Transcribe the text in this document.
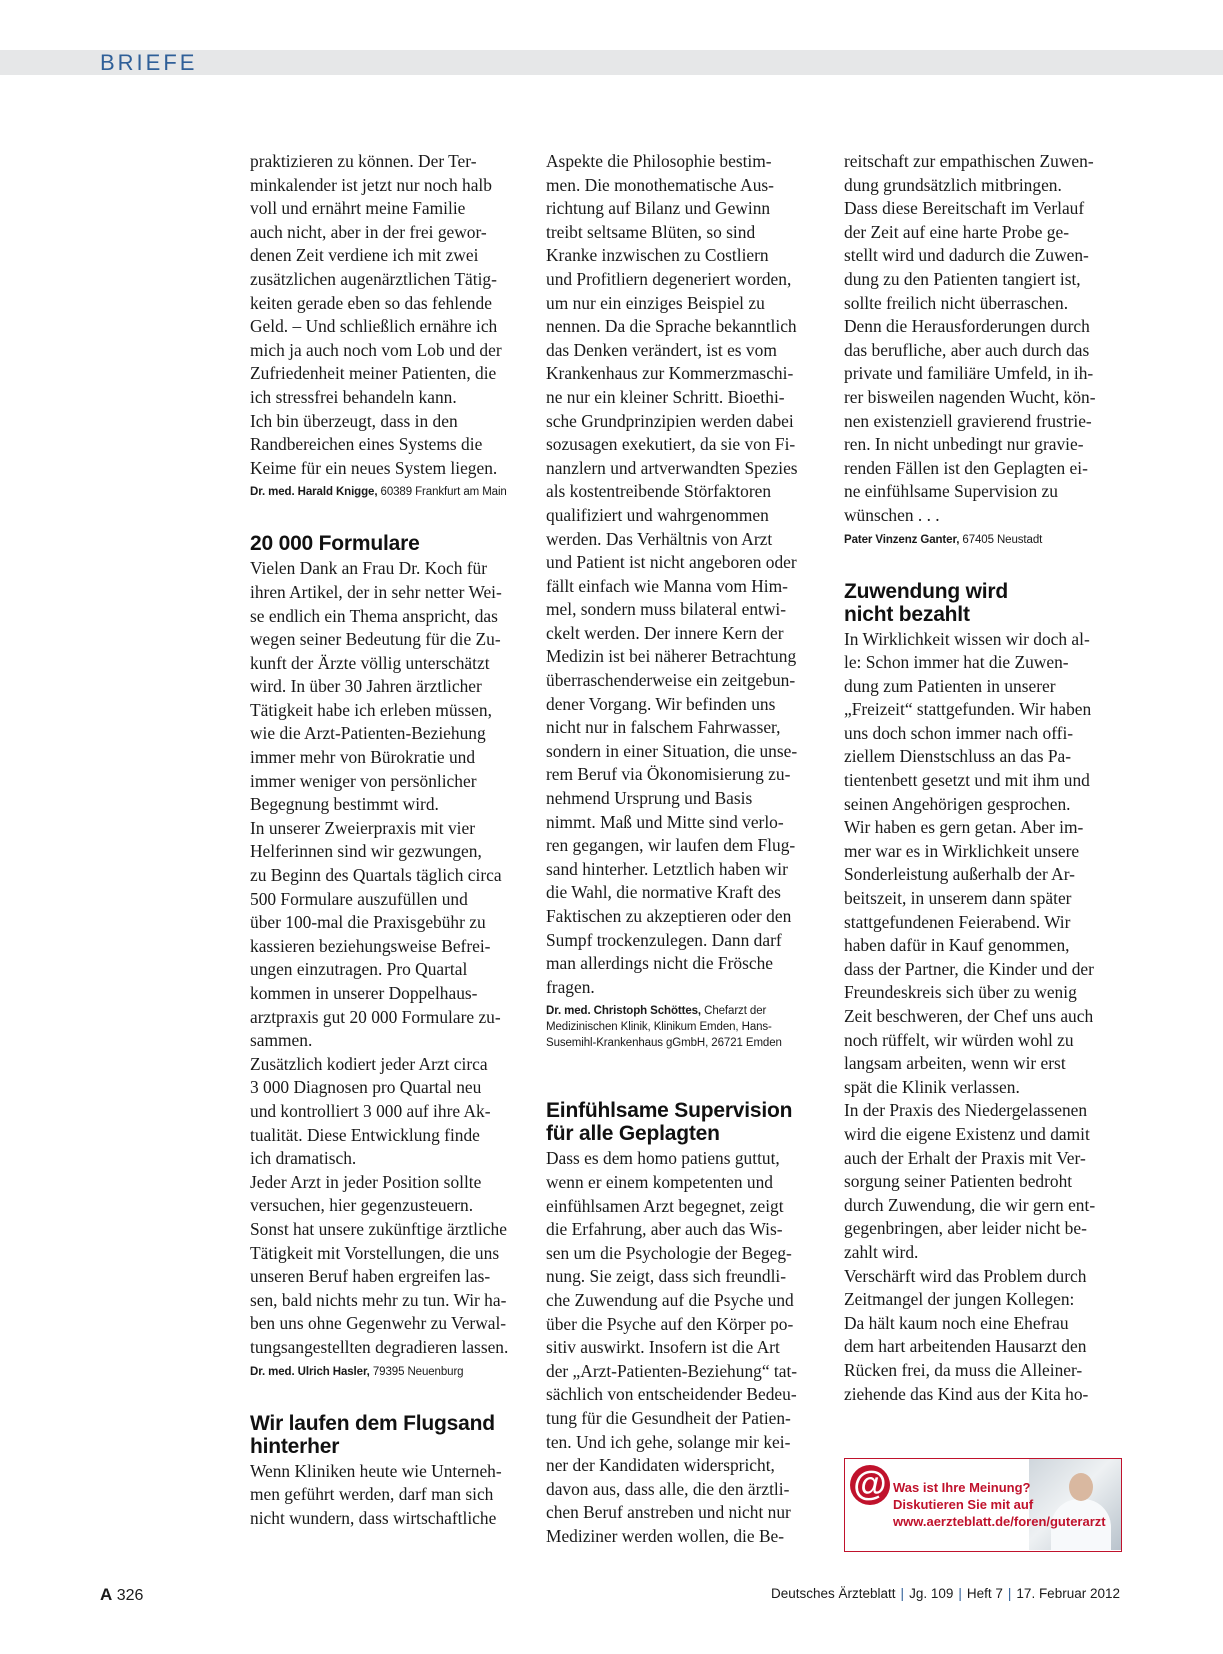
BRIEFE

praktizieren zu können. Der Ter-

minkalender ist jetzt nur noch halb

voll und ernährt meine Familie

auch nicht, aber in der frei gewor-

denen Zeit verdiene ich mit zwei

zusätzlichen augenärztlichen Tätig-

keiten gerade eben so das fehlende

Geld. – Und schließlich ernähre ich

mich ja auch noch vom Lob und der

Zufriedenheit meiner Patienten, die

ich stressfrei behandeln kann.

Ich bin überzeugt, dass in den

Randbereichen eines Systems die

Keime für ein neues System liegen.

Dr. med. Harald Knigge, 60389 Frankfurt am Main
20 000 Formulare

Vielen Dank an Frau Dr. Koch für

ihren Artikel, der in sehr netter Wei-

se endlich ein Thema anspricht, das

wegen seiner Bedeutung für die Zu-

kunft der Ärzte völlig unterschätzt

wird. In über 30 Jahren ärztlicher

Tätigkeit habe ich erleben müssen,

wie die Arzt-Patienten-Beziehung

immer mehr von Bürokratie und

immer weniger von persönlicher

Begegnung bestimmt wird.

In unserer Zweierpraxis mit vier

Helferinnen sind wir gezwungen,

zu Beginn des Quartals täglich circa

500 Formulare auszufüllen und

über 100-mal die Praxisgebühr zu

kassieren beziehungsweise Befrei-

ungen einzutragen. Pro Quartal

kommen in unserer Doppelhaus-

arztpraxis gut 20 000 Formulare zu-

sammen.

Zusätzlich kodiert jeder Arzt circa

3 000 Diagnosen pro Quartal neu

und kontrolliert 3 000 auf ihre Ak-

tualität. Diese Entwicklung finde

ich dramatisch.

Jeder Arzt in jeder Position sollte

versuchen, hier gegenzusteuern.

Sonst hat unsere zukünftige ärztliche

Tätigkeit mit Vorstellungen, die uns

unseren Beruf haben ergreifen las-

sen, bald nichts mehr zu tun. Wir ha-

ben uns ohne Gegenwehr zu Verwal-

tungsangestellten degradieren lassen.

Dr. med. Ulrich Hasler, 79395 Neuenburg
Wir laufen dem Flugsand
hinterher

Wenn Kliniken heute wie Unterneh-

men geführt werden, darf man sich

nicht wundern, dass wirtschaftliche

Aspekte die Philosophie bestim-

men. Die monothematische Aus-

richtung auf Bilanz und Gewinn

treibt seltsame Blüten, so sind

Kranke inzwischen zu Costliern

und Profitliern degeneriert worden,

um nur ein einziges Beispiel zu

nennen. Da die Sprache bekanntlich

das Denken verändert, ist es vom

Krankenhaus zur Kommerzmaschi-

ne nur ein kleiner Schritt. Bioethi-

sche Grundprinzipien werden dabei

sozusagen exekutiert, da sie von Fi-

nanzlern und artverwandten Spezies

als kostentreibende Störfaktoren

qualifiziert und wahrgenommen

werden. Das Verhältnis von Arzt

und Patient ist nicht angeboren oder

fällt einfach wie Manna vom Him-

mel, sondern muss bilateral entwi-

ckelt werden. Der innere Kern der

Medizin ist bei näherer Betrachtung

überraschenderweise ein zeitgebun-

dener Vorgang. Wir befinden uns

nicht nur in falschem Fahrwasser,

sondern in einer Situation, die unse-

rem Beruf via Ökonomisierung zu-

nehmend Ursprung und Basis

nimmt. Maß und Mitte sind verlo-

ren gegangen, wir laufen dem Flug-

sand hinterher. Letztlich haben wir

die Wahl, die normative Kraft des

Faktischen zu akzeptieren oder den

Sumpf trockenzulegen. Dann darf

man allerdings nicht die Frösche

fragen.

Dr. med. Christoph Schöttes, Chefarzt der
Medizinischen Klinik, Klinikum Emden, Hans-
Susemihl-Krankenhaus gGmbH, 26721 Emden
Einfühlsame Supervision
für alle Geplagten

Dass es dem homo patiens guttut,

wenn er einem kompetenten und

einfühlsamen Arzt begegnet, zeigt

die Erfahrung, aber auch das Wis-

sen um die Psychologie der Begeg-

nung. Sie zeigt, dass sich freundli-

che Zuwendung auf die Psyche und

über die Psyche auf den Körper po-

sitiv auswirkt. Insofern ist die Art

der „Arzt-Patienten-Beziehung“ tat-

sächlich von entscheidender Bedeu-

tung für die Gesundheit der Patien-

ten. Und ich gehe, solange mir kei-

ner der Kandidaten widerspricht,

davon aus, dass alle, die den ärztli-

chen Beruf anstreben und nicht nur

Mediziner werden wollen, die Be-

reitschaft zur empathischen Zuwen-

dung grundsätzlich mitbringen.

Dass diese Bereitschaft im Verlauf

der Zeit auf eine harte Probe ge-

stellt wird und dadurch die Zuwen-

dung zu den Patienten tangiert ist,

sollte freilich nicht überraschen.

Denn die Herausforderungen durch

das berufliche, aber auch durch das

private und familiäre Umfeld, in ih-

rer bisweilen nagenden Wucht, kön-

nen existenziell gravierend frustrie-

ren. In nicht unbedingt nur gravie-

renden Fällen ist den Geplagten ei-

ne einfühlsame Supervision zu

wünschen . . .

Pater Vinzenz Ganter, 67405 Neustadt
Zuwendung wird
nicht bezahlt

In Wirklichkeit wissen wir doch al-

le: Schon immer hat die Zuwen-

dung zum Patienten in unserer

„Freizeit“ stattgefunden. Wir haben

uns doch schon immer nach offi-

ziellem Dienstschluss an das Pa-

tientenbett gesetzt und mit ihm und

seinen Angehörigen gesprochen.

Wir haben es gern getan. Aber im-

mer war es in Wirklichkeit unsere

Sonderleistung außerhalb der Ar-

beitszeit, in unserem dann später

stattgefundenen Feierabend. Wir

haben dafür in Kauf genommen,

dass der Partner, die Kinder und der

Freundeskreis sich über zu wenig

Zeit beschweren, der Chef uns auch

noch rüffelt, wir würden wohl zu

langsam arbeiten, wenn wir erst

spät die Klinik verlassen.

In der Praxis des Niedergelassenen

wird die eigene Existenz und damit

auch der Erhalt der Praxis mit Ver-

sorgung seiner Patienten bedroht

durch Zuwendung, die wir gern ent-

gegenbringen, aber leider nicht be-

zahlt wird.

Verschärft wird das Problem durch

Zeitmangel der jungen Kollegen:

Da hält kaum noch eine Ehefrau

dem hart arbeitenden Hausarzt den

Rücken frei, da muss die Alleiner-

ziehende das Kind aus der Kita ho-

@ Was ist Ihre Meinung?
Diskutieren Sie mit auf
www.aerzteblatt.de/foren/guterarzt
A 326	Deutsches Ärzteblatt | Jg. 109 | Heft 7 | 17. Februar 2012
